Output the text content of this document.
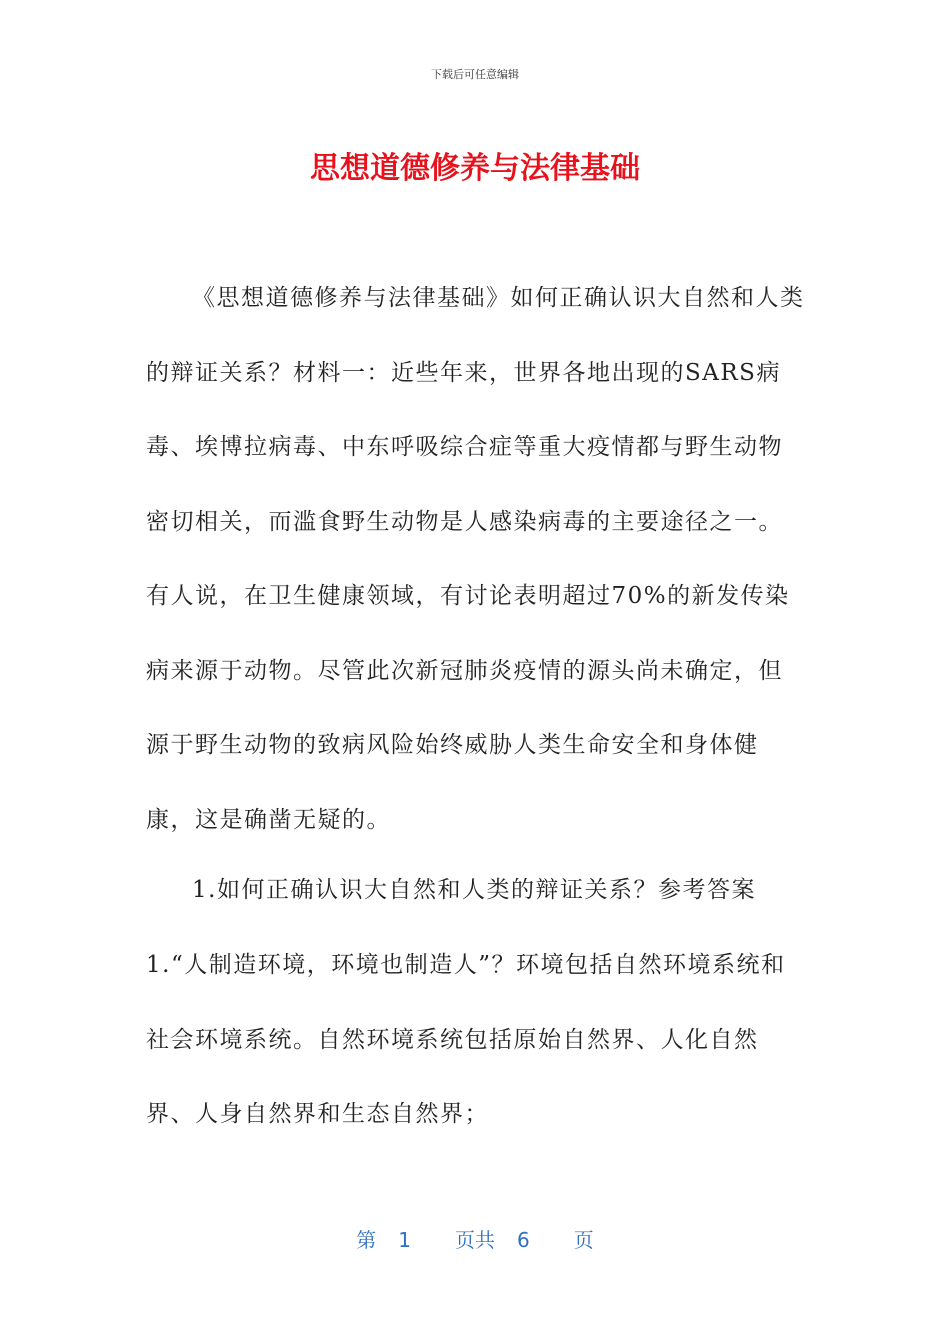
下载后可任意编辑
思想道德修养与法律基础

《思想道德修养与法律基础》如何正确认识大自然和人类的辩证关系？材料一：近些年来，世界各地出现的SARS病毒、埃博拉病毒、中东呼吸综合症等重大疫情都与野生动物密切相关，而滥食野生动物是人感染病毒的主要途径之一。有人说，在卫生健康领域，有讨论表明超过70%的新发传染病来源于动物。尽管此次新冠肺炎疫情的源头尚未确定，但源于野生动物的致病风险始终威胁人类生命安全和身体健康，这是确凿无疑的。

1.如何正确认识大自然和人类的辩证关系？参考答案

1.“人制造环境，环境也制造人”？环境包括自然环境系统和社会环境系统。自然环境系统包括原始自然界、人化自然界、人身自然界和生态自然界；

第 1 页共 6 页
